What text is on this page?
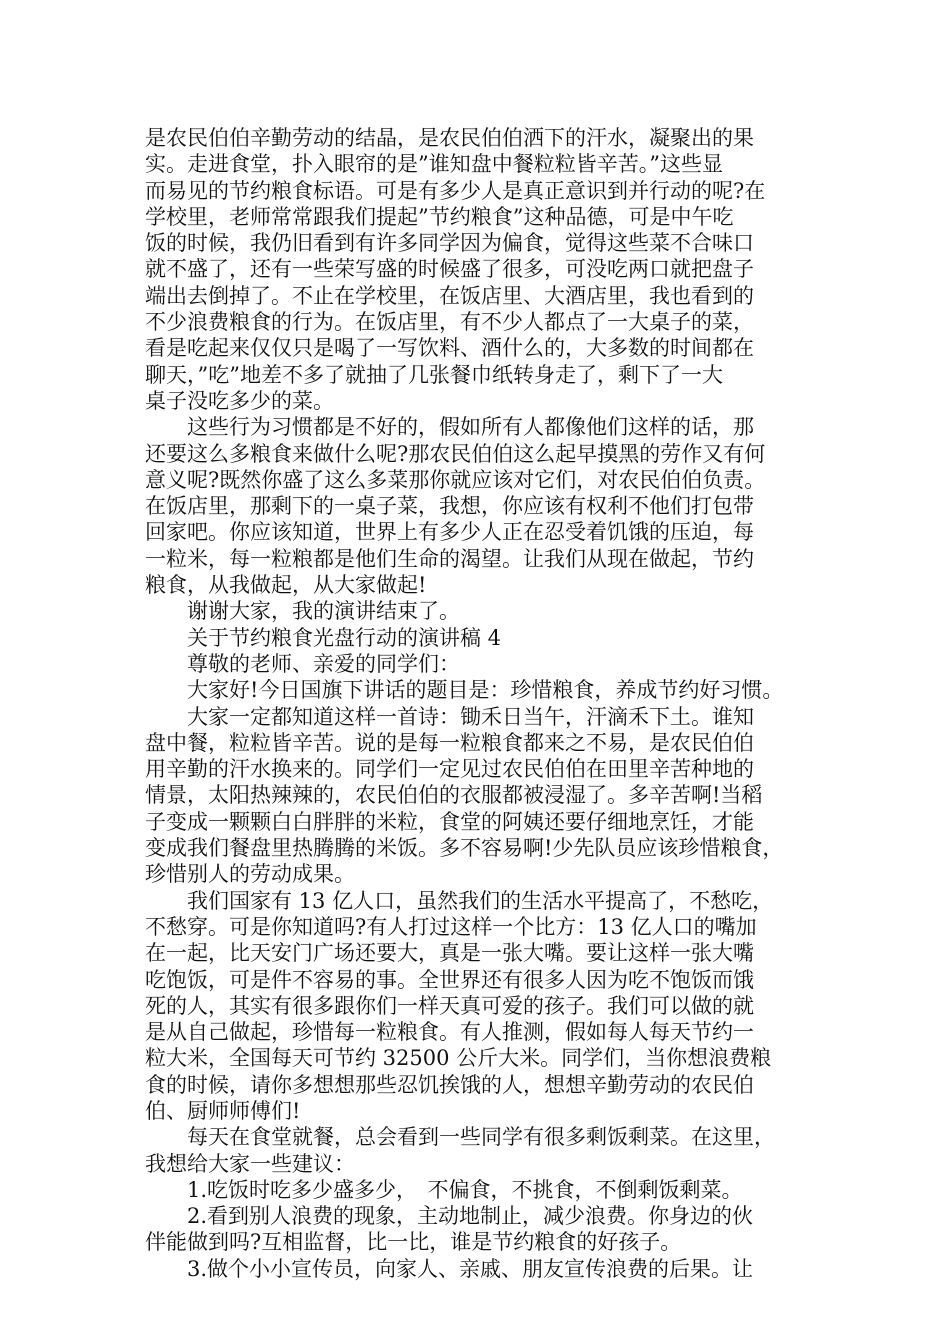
是农民伯伯辛勤劳动的结晶，是农民伯伯洒下的汗水，凝聚出的果
实。走进食堂，扑入眼帘的是”谁知盘中餐粒粒皆辛苦。”这些显
而易见的节约粮食标语。可是有多少人是真正意识到并行动的呢?在
学校里，老师常常跟我们提起”节约粮食”这种品德，可是中午吃
饭的时候，我仍旧看到有许多同学因为偏食，觉得这些菜不合味口
就不盛了，还有一些荣写盛的时候盛了很多，可没吃两口就把盘子
端出去倒掉了。不止在学校里，在饭店里、大酒店里，我也看到的
不少浪费粮食的行为。在饭店里，有不少人都点了一大桌子的菜，
看是吃起来仅仅只是喝了一写饮料、酒什么的，大多数的时间都在
聊天，”吃”地差不多了就抽了几张餐巾纸转身走了，剩下了一大
桌子没吃多少的菜。
　　这些行为习惯都是不好的，假如所有人都像他们这样的话，那
还要这么多粮食来做什么呢?那农民伯伯这么起早摸黑的劳作又有何
意义呢?既然你盛了这么多菜那你就应该对它们，对农民伯伯负责。
在饭店里，那剩下的一桌子菜，我想，你应该有权利不他们打包带
回家吧。你应该知道，世界上有多少人正在忍受着饥饿的压迫，每
一粒米，每一粒粮都是他们生命的渴望。让我们从现在做起，节约
粮食，从我做起，从大家做起!
　　谢谢大家，我的演讲结束了。
　　关于节约粮食光盘行动的演讲稿 4
　　尊敬的老师、亲爱的同学们：
　　大家好!今日国旗下讲话的题目是：珍惜粮食，养成节约好习惯。
　　大家一定都知道这样一首诗：锄禾日当午，汗滴禾下土。谁知
盘中餐，粒粒皆辛苦。说的是每一粒粮食都来之不易，是农民伯伯
用辛勤的汗水换来的。同学们一定见过农民伯伯在田里辛苦种地的
情景，太阳热辣辣的，农民伯伯的衣服都被浸湿了。多辛苦啊!当稻
子变成一颗颗白白胖胖的米粒，食堂的阿姨还要仔细地烹饪，才能
变成我们餐盘里热腾腾的米饭。多不容易啊!少先队员应该珍惜粮食，
珍惜别人的劳动成果。
　　我们国家有 13 亿人口，虽然我们的生活水平提高了，不愁吃，
不愁穿。可是你知道吗?有人打过这样一个比方：13 亿人口的嘴加
在一起，比天安门广场还要大，真是一张大嘴。要让这样一张大嘴
吃饱饭，可是件不容易的事。全世界还有很多人因为吃不饱饭而饿
死的人，其实有很多跟你们一样天真可爱的孩子。我们可以做的就
是从自己做起，珍惜每一粒粮食。有人推测，假如每人每天节约一
粒大米，全国每天可节约 32500 公斤大米。同学们，当你想浪费粮
食的时候，请你多想想那些忍饥挨饿的人，想想辛勤劳动的农民伯
伯、厨师师傅们!
　　每天在食堂就餐，总会看到一些同学有很多剩饭剩菜。在这里，
我想给大家一些建议：
　　1.吃饭时吃多少盛多少，　不偏食，不挑食，不倒剩饭剩菜。
　　2.看到别人浪费的现象，主动地制止，减少浪费。你身边的伙
伴能做到吗?互相监督，比一比，谁是节约粮食的好孩子。
　　3.做个小小宣传员，向家人、亲戚、朋友宣传浪费的后果。让
